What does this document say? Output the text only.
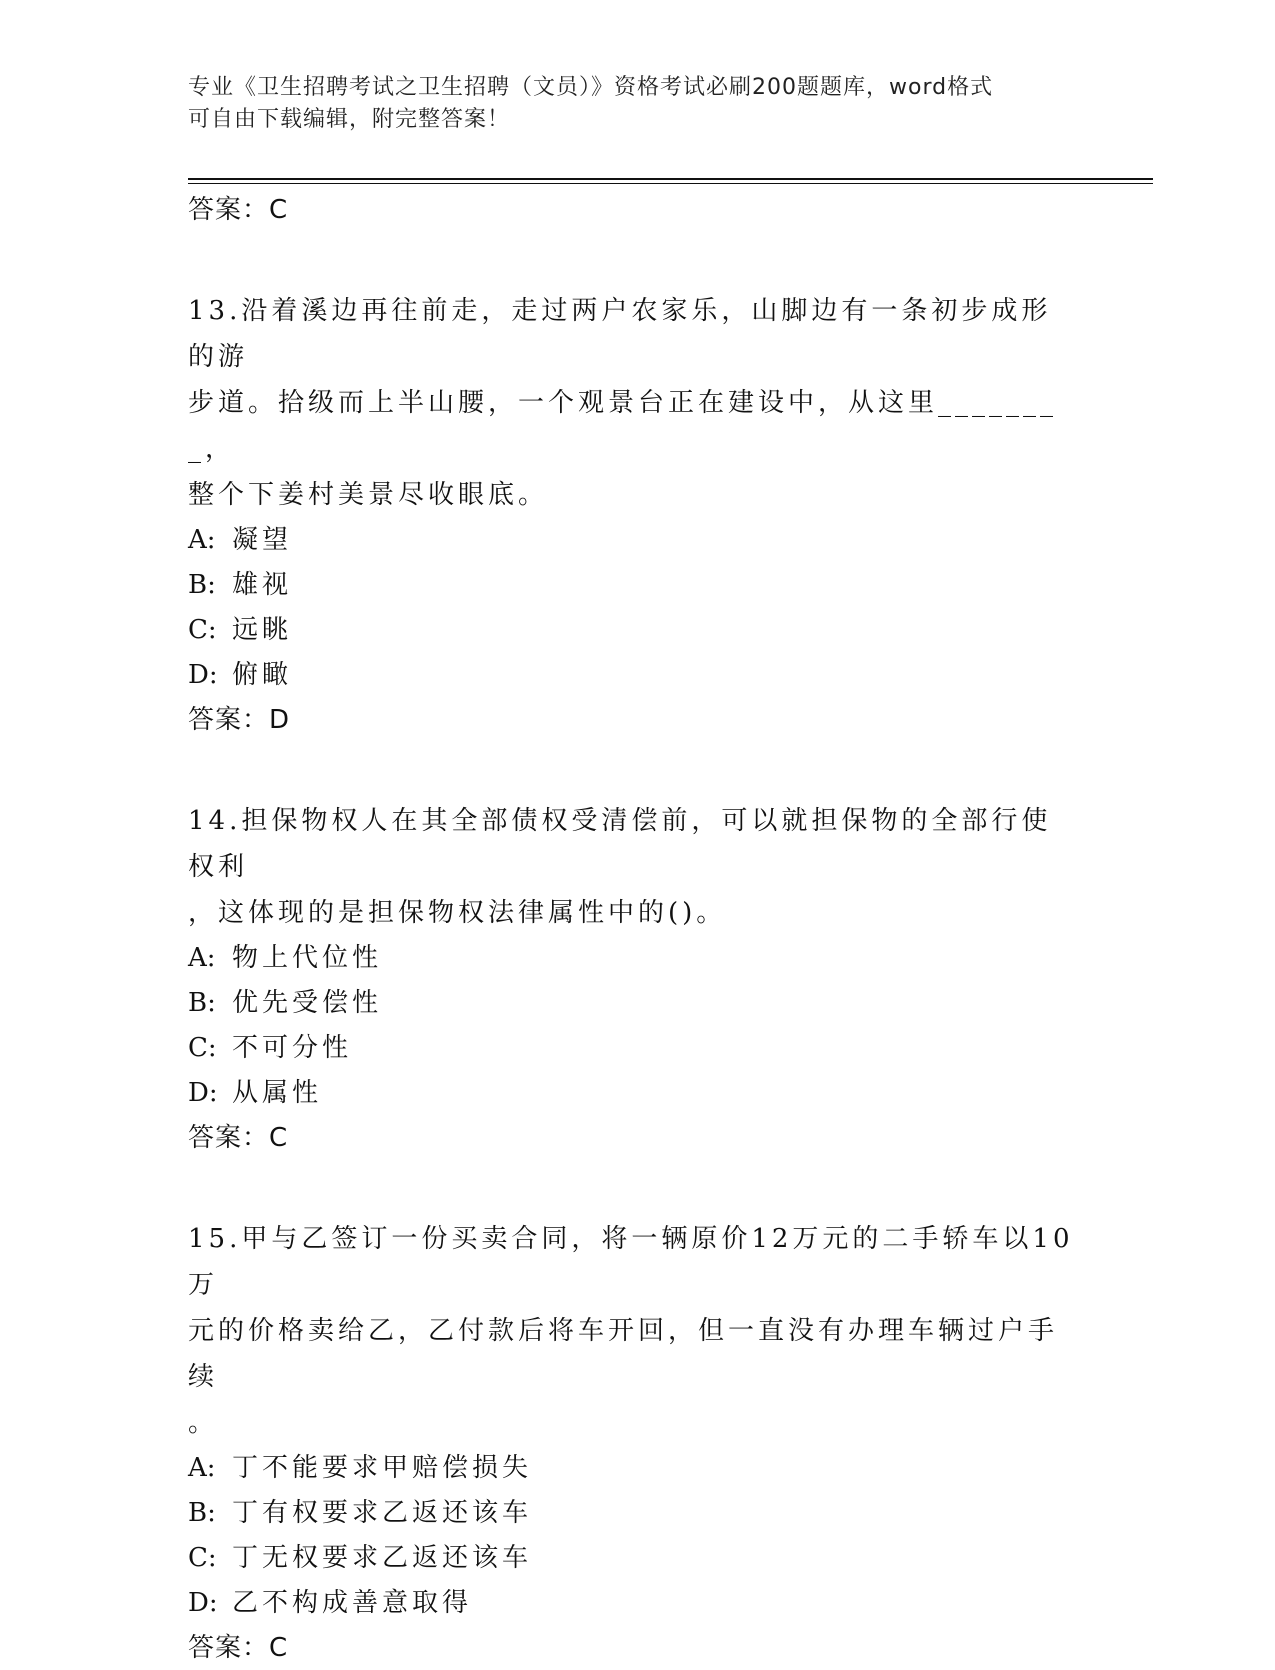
专业《卫生招聘考试之卫生招聘（文员）》资格考试必刷200题题库，word格式
可自由下载编辑，附完整答案！
答案：C
13.沿着溪边再往前走，走过两户农家乐，山脚边有一条初步成形的游
步道。拾级而上半山腰，一个观景台正在建设中，从这里________，
整个下姜村美景尽收眼底。
A: 凝望
B: 雄视
C: 远眺
D: 俯瞰
答案：D
14.担保物权人在其全部债权受清偿前，可以就担保物的全部行使权利
，这体现的是担保物权法律属性中的()。
A: 物上代位性
B: 优先受偿性
C: 不可分性
D: 从属性
答案：C
15.甲与乙签订一份买卖合同，将一辆原价12万元的二手轿车以10万
元的价格卖给乙，乙付款后将车开回，但一直没有办理车辆过户手续
。
A: 丁不能要求甲赔偿损失
B: 丁有权要求乙返还该车
C: 丁无权要求乙返还该车
D: 乙不构成善意取得
答案：C
